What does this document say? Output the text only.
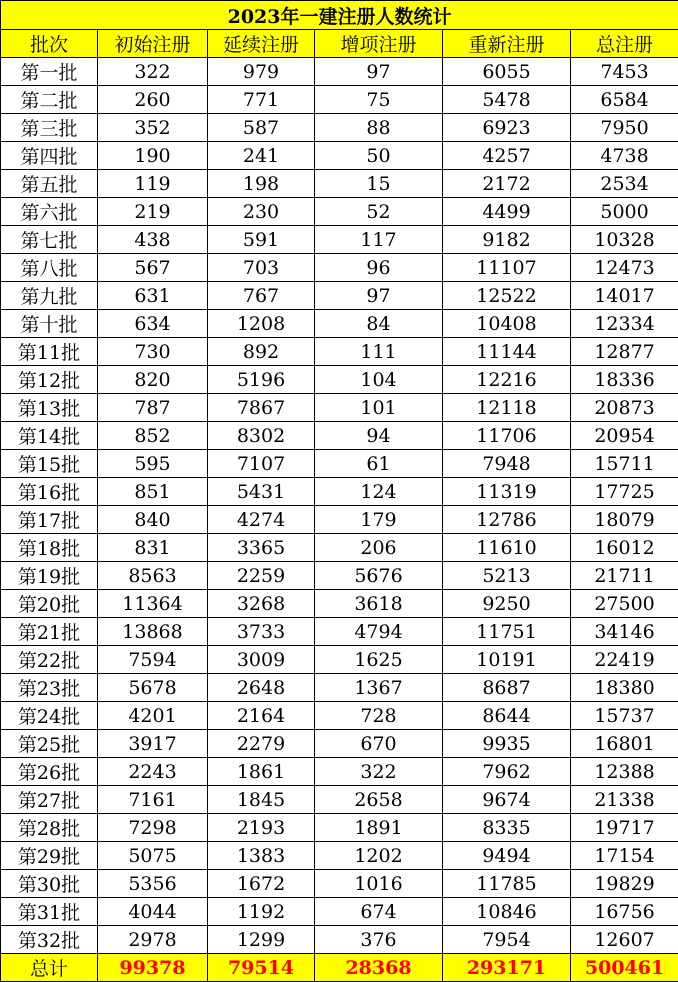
2023年一建注册人数统计					
批次	初始注册	延续注册	增项注册	重新注册	总注册
第一批	322	979	97	6055	7453
第二批	260	771	75	5478	6584
第三批	352	587	88	6923	7950
第四批	190	241	50	4257	4738
第五批	119	198	15	2172	2534
第六批	219	230	52	4499	5000
第七批	438	591	117	9182	10328
第八批	567	703	96	11107	12473
第九批	631	767	97	12522	14017
第十批	634	1208	84	10408	12334
第11批	730	892	111	11144	12877
第12批	820	5196	104	12216	18336
第13批	787	7867	101	12118	20873
第14批	852	8302	94	11706	20954
第15批	595	7107	61	7948	15711
第16批	851	5431	124	11319	17725
第17批	840	4274	179	12786	18079
第18批	831	3365	206	11610	16012
第19批	8563	2259	5676	5213	21711
第20批	11364	3268	3618	9250	27500
第21批	13868	3733	4794	11751	34146
第22批	7594	3009	1625	10191	22419
第23批	5678	2648	1367	8687	18380
第24批	4201	2164	728	8644	15737
第25批	3917	2279	670	9935	16801
第26批	2243	1861	322	7962	12388
第27批	7161	1845	2658	9674	21338
第28批	7298	2193	1891	8335	19717
第29批	5075	1383	1202	9494	17154
第30批	5356	1672	1016	11785	19829
第31批	4044	1192	674	10846	16756
第32批	2978	1299	376	7954	12607
总计	99378	79514	28368	293171	500461
